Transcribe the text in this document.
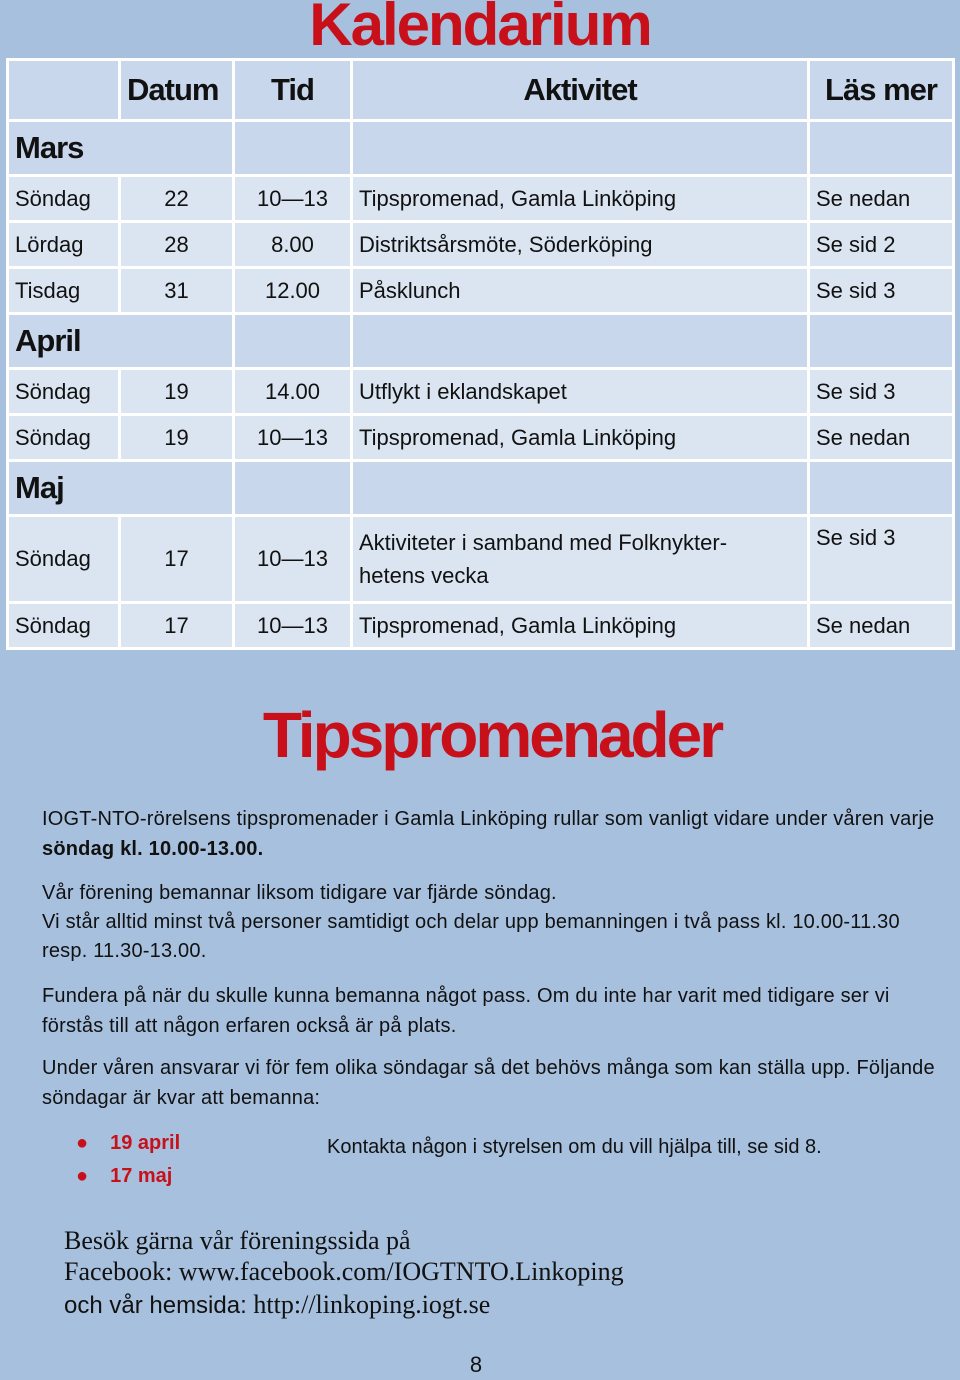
Kalendarium
	Datum	Tid	Aktivitet	Läs mer
Mars				
Söndag	22	10—13	Tipspromenad, Gamla Linköping	Se nedan
Lördag	28	8.00	Distriktsårsmöte, Söderköping	Se sid 2
Tisdag	31	12.00	Påsklunch	Se sid 3
April				
Söndag	19	14.00	Utflykt i eklandskapet	Se sid 3
Söndag	19	10—13	Tipspromenad, Gamla Linköping	Se nedan
Maj				
Söndag	17	10—13	Aktiviteter i samband med Folknykter-
hetens vecka	Se sid 3
Söndag	17	10—13	Tipspromenad, Gamla Linköping	Se nedan
Tipspromenader

IOGT-NTO-rörelsens tipspromenader i Gamla Linköping rullar som vanligt vidare under våren varje söndag kl. 10.00-13.00.

Vår förening bemannar liksom tidigare var fjärde söndag.

Vi står alltid minst två personer samtidigt och delar upp bemanningen i två pass kl. 10.00-11.30 resp. 11.30-13.00.

Fundera på när du skulle kunna bemanna något pass. Om du inte har varit med tidigare ser vi förstås till att någon erfaren också är på plats.

Under våren ansvarar vi för fem olika söndagar så det behövs många som kan ställa upp. Följande söndagar är kvar att bemanna:

● 19 april
● 17 maj
Kontakta någon i styrelsen om du vill hjälpa till, se sid 8.
Besök gärna vår föreningssida på
Facebook: www.facebook.com/IOGTNTO.Linkoping
och vår hemsida: http://linkoping.iogt.se
8
